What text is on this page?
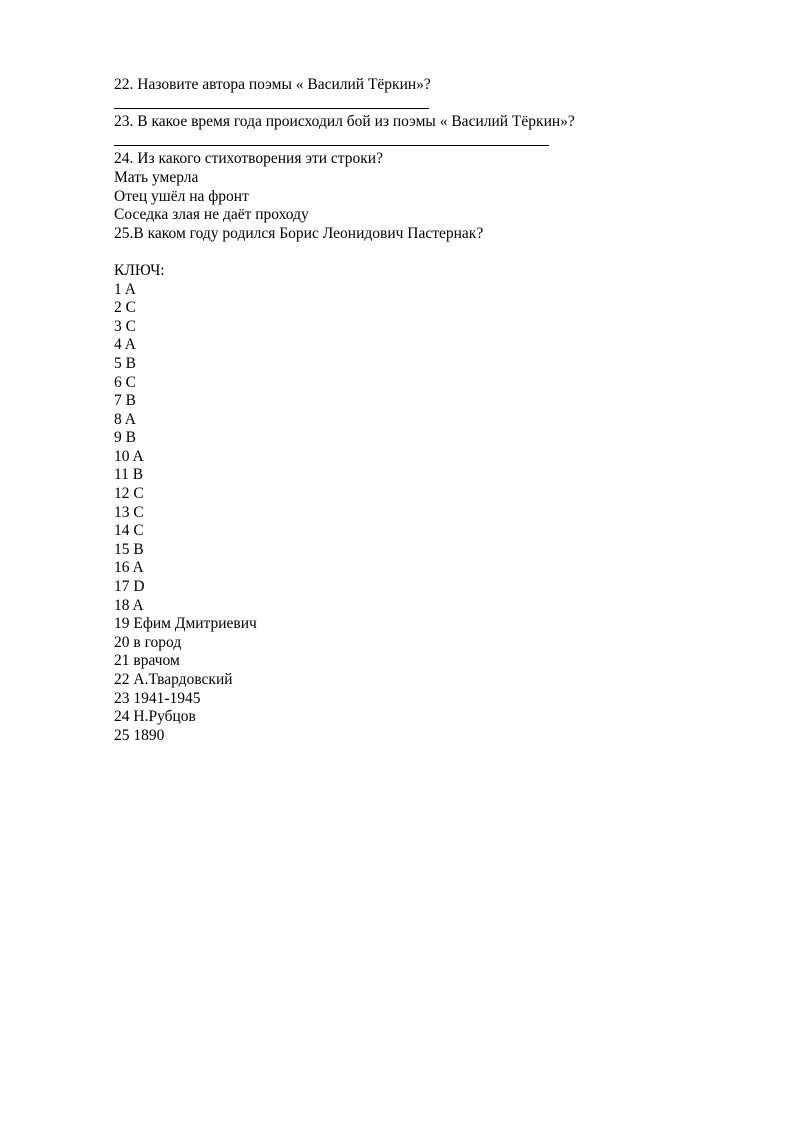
22. Назовите автора поэмы « Василий Тёркин»?

23. В какое время года происходил бой из поэмы « Василий Тёркин»?

24. Из какого стихотворения эти строки?

Мать умерла

Отец ушёл на фронт

Соседка злая не даёт проходу

25.В каком году родился Борис Леонидович Пастернак?

КЛЮЧ:

1 A

2 C

3 C

4 A

5 B

6 C

7 B

8 A

9 B

10 A

11 B

12 C

13 C

14 C

15 B

16 A

17 D

18 A

19 Ефим Дмитриевич

20 в город

21 врачом

22 А.Твардовский

23 1941-1945

24 Н.Рубцов

25 1890
